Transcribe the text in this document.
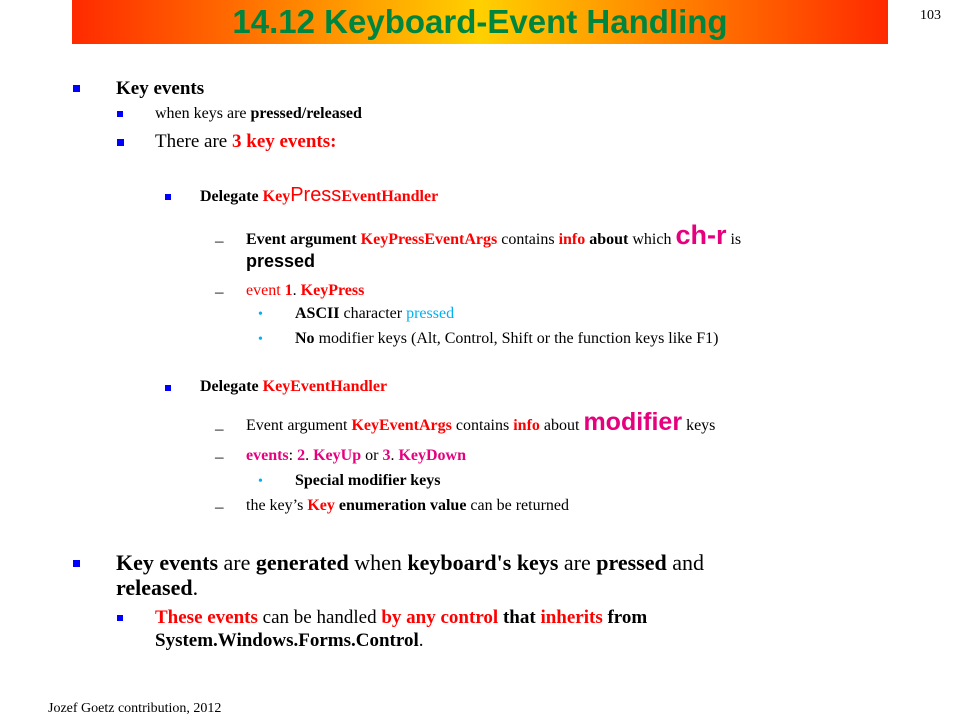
14.12 Keyboard-Event Handling	103
Key events
when keys are pressed/released
There are 3 key events:
Delegate KeyPressEventHandler
– Event argument KeyPressEventArgs contains info about which ch-r is
pressed
– event 1. KeyPress
• ASCII character pressed
• No modifier keys (Alt, Control, Shift or the function keys like F1)
Delegate KeyEventHandler
– Event argument KeyEventArgs contains info about modifier keys
– events: 2. KeyUp or 3. KeyDown
• Special modifier keys
– the key’s Key enumeration value can be returned
Key events are generated when keyboard's keys are pressed and
released.
These events can be handled by any control that inherits from
System.Windows.Forms.Control.
Jozef Goetz contribution, 2012
